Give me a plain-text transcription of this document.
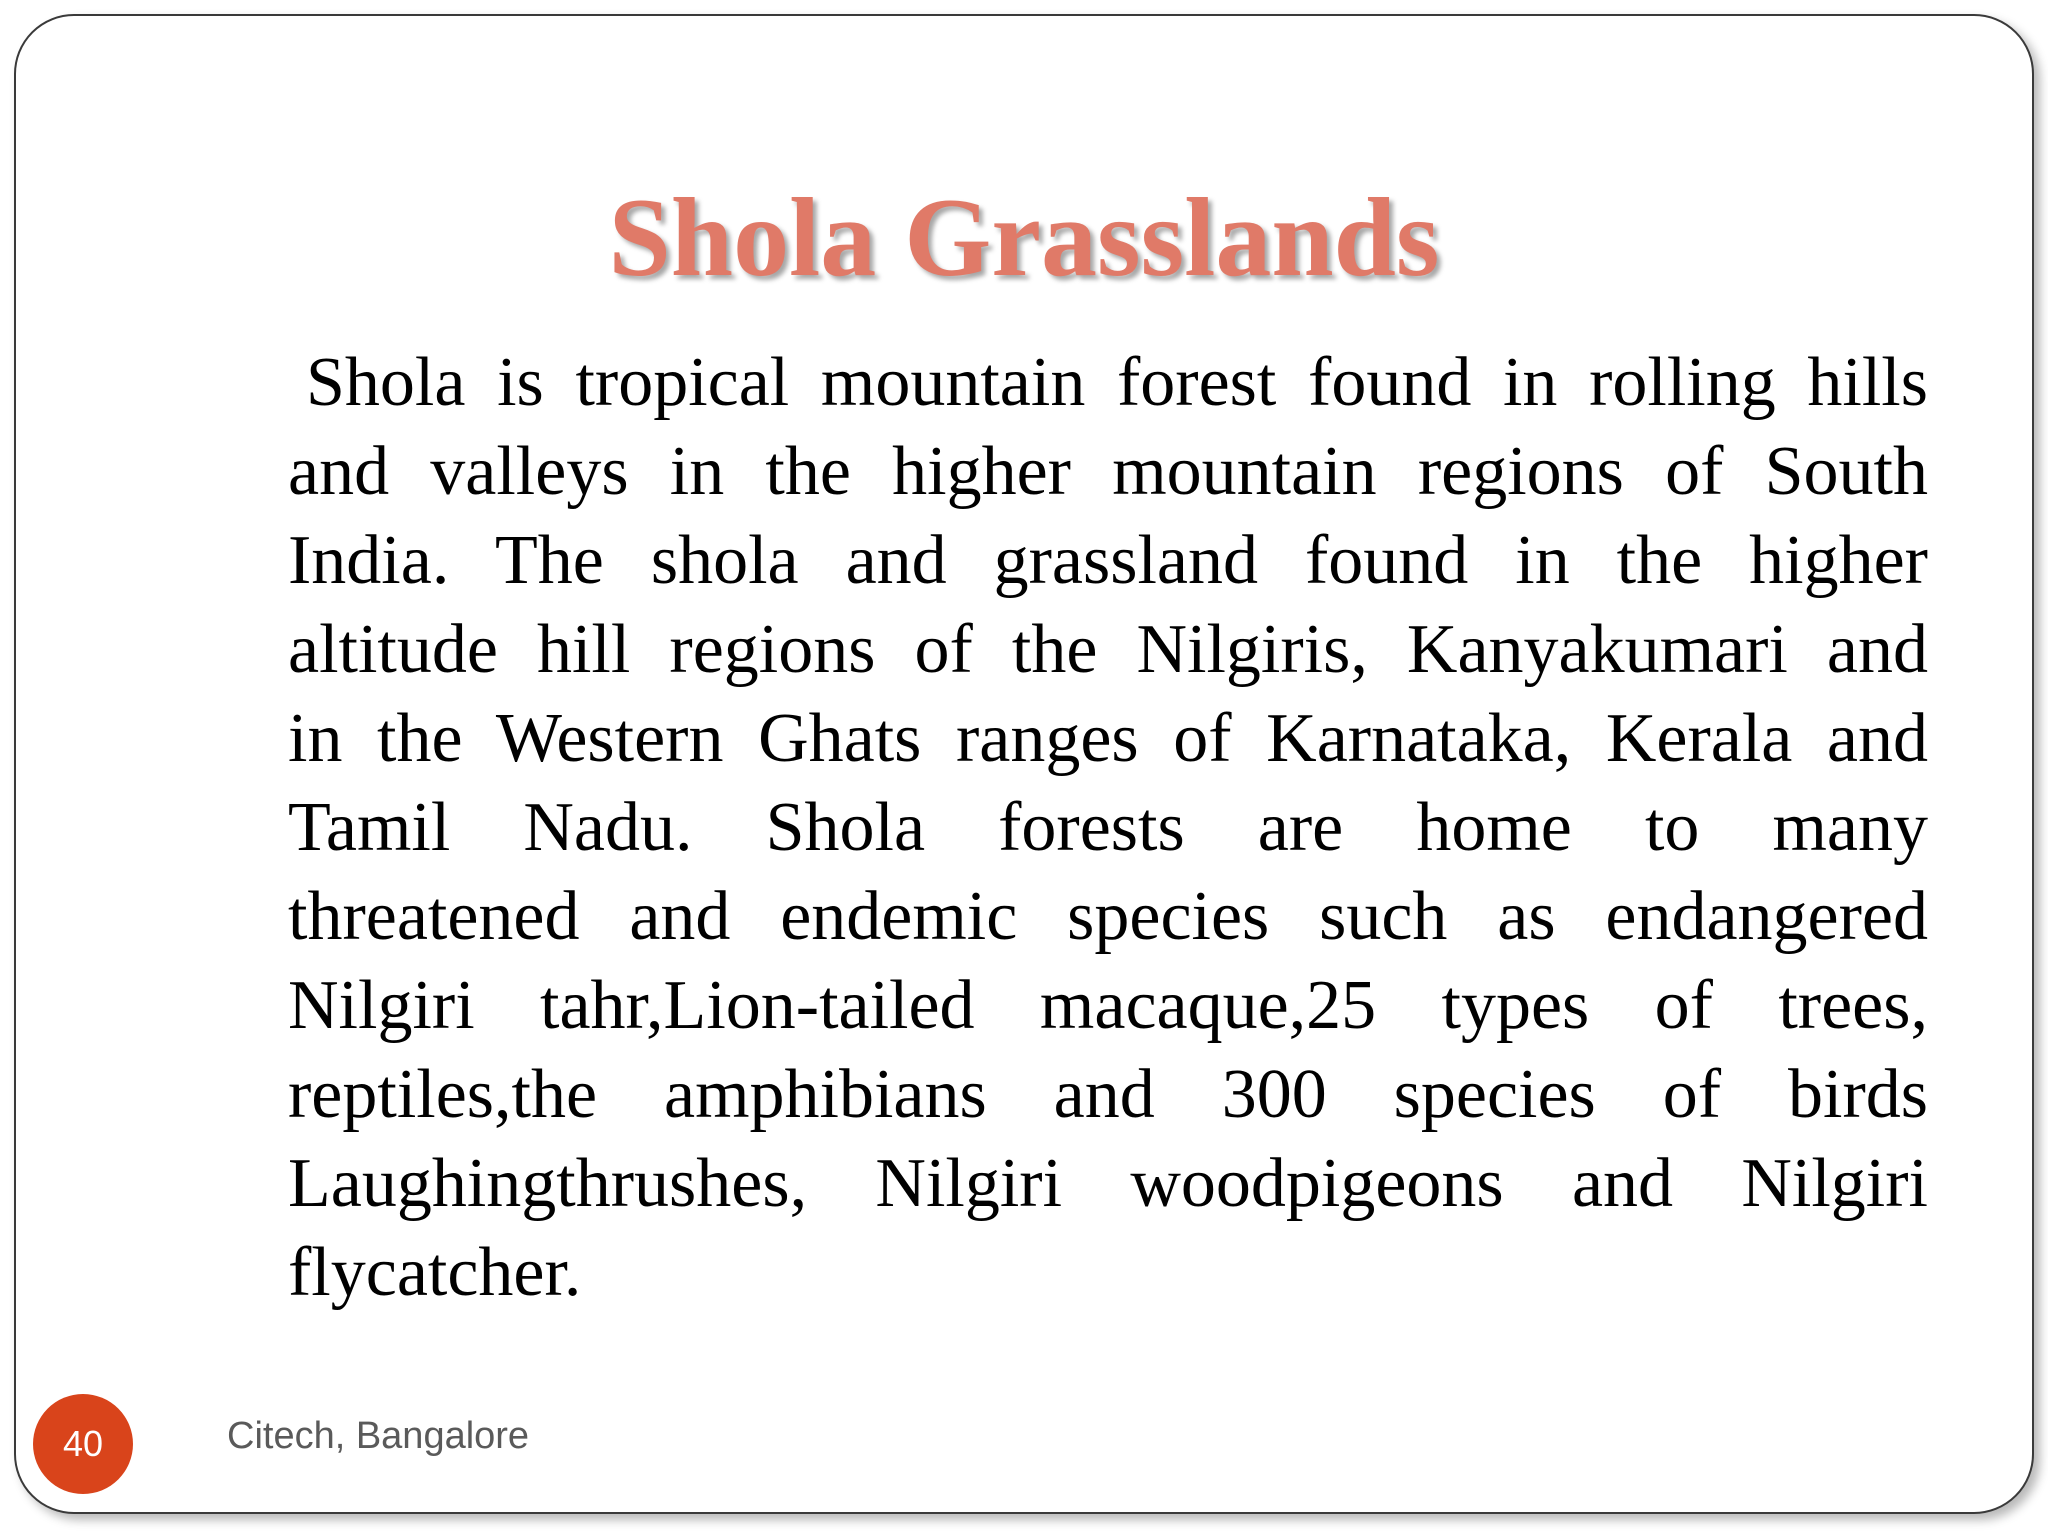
Shola Grasslands
Shola is tropical mountain forest found in rolling hills
and valleys in the higher mountain regions of South
India. The shola and grassland found in the higher
altitude hill regions of the Nilgiris, Kanyakumari and
in the Western Ghats ranges of Karnataka, Kerala and
Tamil Nadu. Shola forests are home to many
threatened and endemic species such as endangered
Nilgiri tahr,Lion-tailed macaque,25 types of trees,
reptiles,the amphibians and 300 species of birds
Laughingthrushes, Nilgiri woodpigeons and Nilgiri
flycatcher.
40	Citech, Bangalore
